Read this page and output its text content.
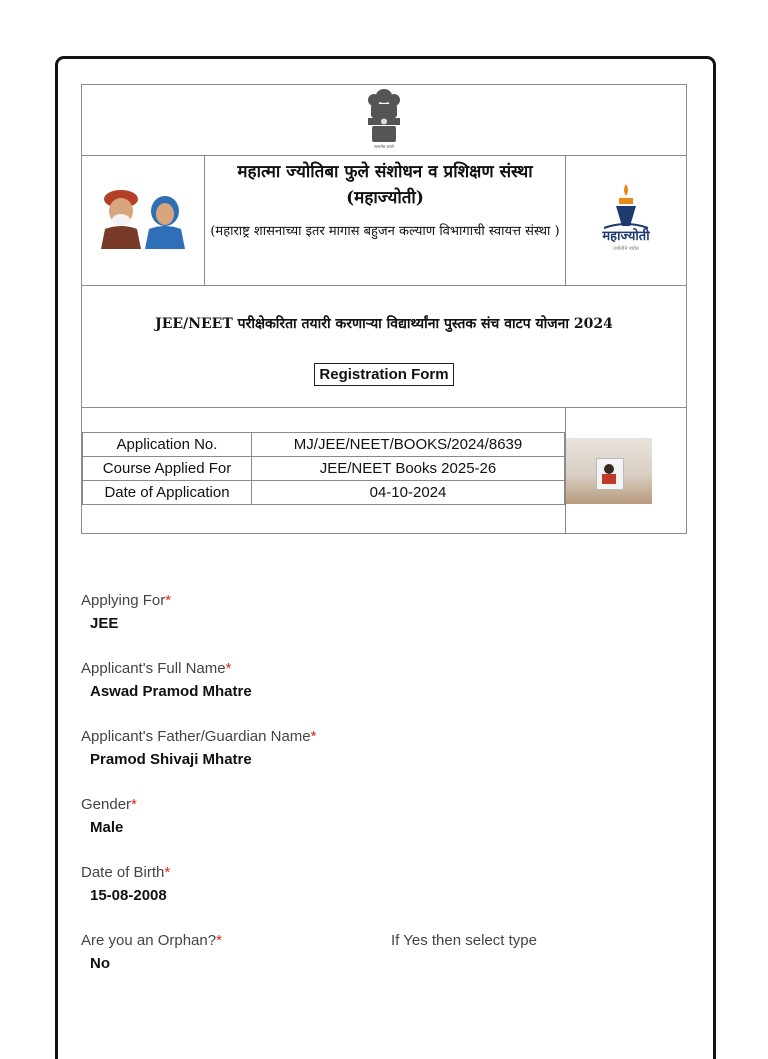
सत्यमेव जयते

महात्मा ज्योतिबा फुले संशोधन व प्रशिक्षण संस्था (महाज्योती)
(महाराष्ट्र शासनाच्या इतर मागास बहुजन कल्याण विभागाची स्वायत्त संस्था )	महाज्योती
ज्योतीने ज्योत

JEE/NEET परीक्षेकरिता तयारी करणाऱ्या विद्यार्थ्यांना पुस्तक संच वाटप योजना 2024
Registration Form

Application No.	MJ/JEE/NEET/BOOKS/2024/8639
Course Applied For	JEE/NEET Books 2025-26
Date of Application	04-10-2024

Applying For*
JEE
Applicant's Full Name*
Aswad Pramod Mhatre
Applicant's Father/Guardian Name*
Pramod Shivaji Mhatre
Gender*
Male
Date of Birth*
15-08-2008
Are you an Orphan?*
No
If Yes then select type
